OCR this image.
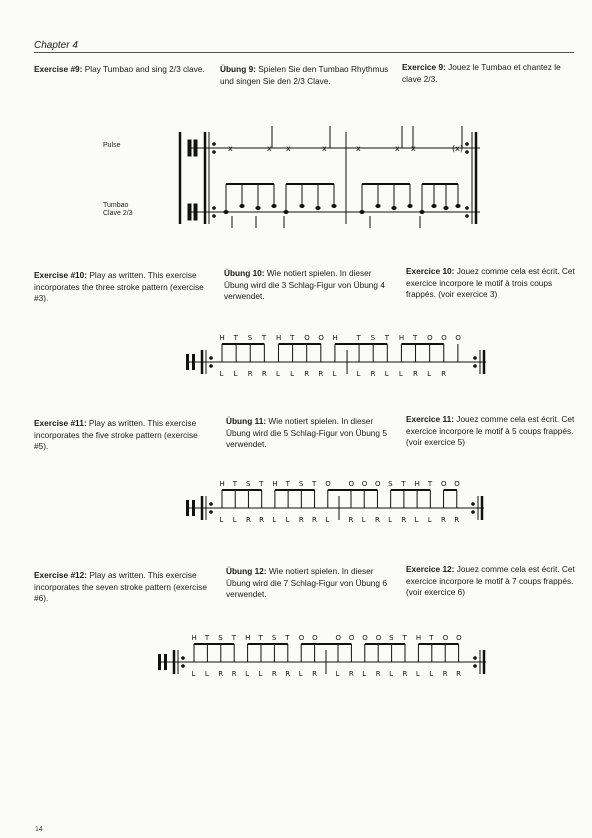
Chapter 4
Exercise #9: Play Tumbao and sing 2/3 clave.	Übung 9: Spielen Sie den Tumbao Rhythmus und singen Sie den 2/3 Clave.
Exercice 9: Jouez le Tumbao et chantez le clave 2/3.
Pulse
Tumbao
Clave 2/3
x	x x	x	x	x x	(x)
Exercise #10: Play as written. This exercise incorporates the three stroke pattern (exercise #3).
Übung 10: Wie notiert spielen. In dieser Übung wird die 3 Schlag-Figur von Übung 4 verwendet.
Exercice 10: Jouez comme cela est écrit. Cet exercice incorpore le motif à trois coups frappés. (voir exercice 3)
H T S T H T O O H	T S T H T O O O
L L R R L L R R L	L R L L R L R
Exercise #11: Play as written. This exercise incorporates the five stroke pattern (exercise #5).
Übung 11: Wie notiert spielen. In dieser Übung wird die 5 Schlag-Figur von Übung 5 verwendet.
Exercice 11: Jouez comme cela est écrit. Cet exercice incorpore le motif à 5 coups frappés. (voir exercice 5)
H T S T H T S T O	O O O S T H T O O
L L R R L L R R L	R L R L R L L R R
Exercise #12: Play as written. This exercise incorporates the seven stroke pattern (exercise #6).
Übung 12: Wie notiert spielen. In dieser Übung wird die 7 Schlag-Figur von Übung 6 verwendet.
Exercice 12: Jouez comme cela est écrit. Cet exercice incorpore le motif à 7 coups frappés. (voir exercice 6)
H T S T H T S T O O	O O O O S T H T O O
L L R R L L R R L R	L R L R L R L L R R
14
